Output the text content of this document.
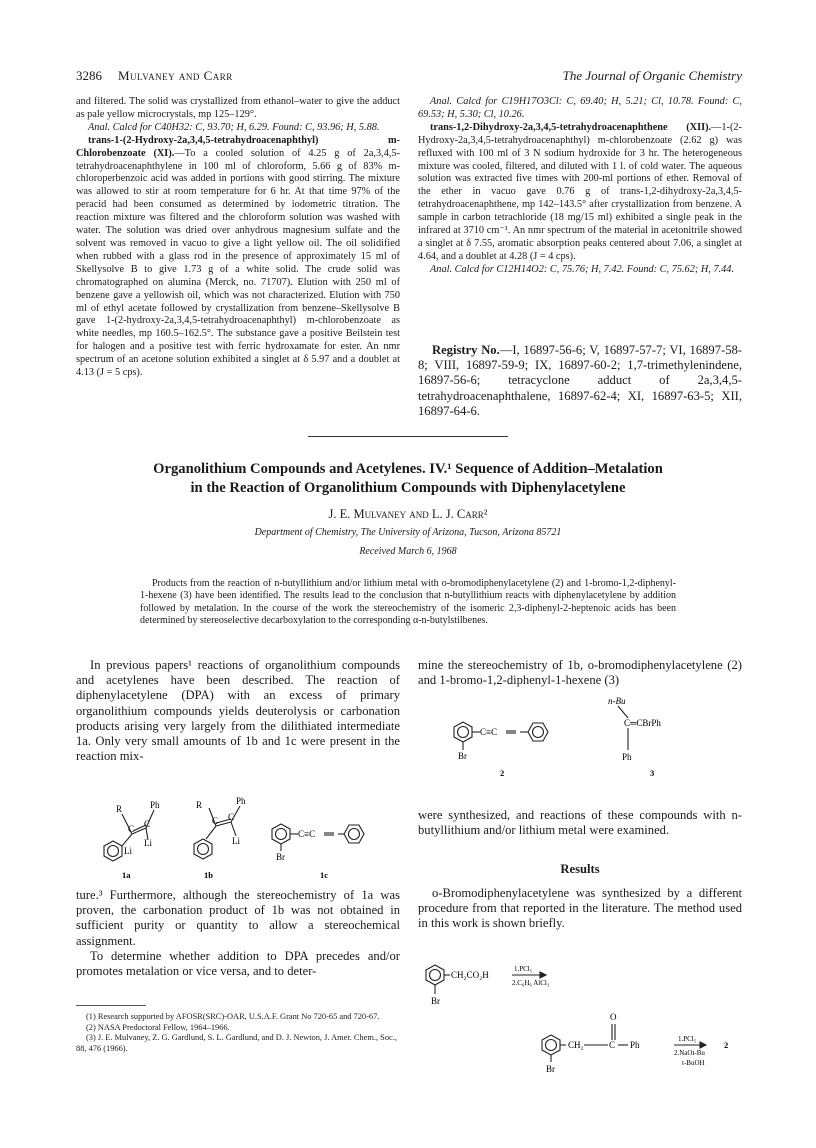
3286 Mulvaney and Carr	The Journal of Organic Chemistry

and filtered. The solid was crystallized from ethanol–water to give the adduct as pale yellow microcrystals, mp 125–129°.

Anal. Calcd for C40H32: C, 93.70; H, 6.29. Found: C, 93.96; H, 5.88.

trans-1-(2-Hydroxy-2a,3,4,5-tetrahydroacenaphthyl) m-Chlorobenzoate (XI).—To a cooled solution of 4.25 g of 2a,3,4,5-tetrahydroacenaphthylene in 100 ml of chloroform, 5.66 g of 83% m-chloroperbenzoic acid was added in portions with good stirring. The mixture was allowed to stir at room temperature for 6 hr. At that time 97% of the peracid had been consumed as determined by iodometric titration. The reaction mixture was filtered and the chloroform solution was washed with water. The solution was dried over anhydrous magnesium sulfate and the solvent was removed in vacuo to give a light yellow oil. The oil solidified when rubbed with a glass rod in the presence of approximately 15 ml of Skellysolve B to give 1.73 g of a white solid. The crude solid was chromatographed on alumina (Merck, no. 71707). Elution with 250 ml of benzene gave a yellowish oil, which was not characterized. Elution with 750 ml of ethyl acetate followed by crystallization from benzene–Skellysolve B gave 1-(2-hydroxy-2a,3,4,5-tetrahydroacenaphthyl) m-chlorobenzoate as white needles, mp 160.5–162.5°. The substance gave a positive Beilstein test for halogen and a positive test with ferric hydroxamate for ester. An nmr spectrum of an acetone solution exhibited a singlet at δ 5.97 and a doublet at 4.13 (J = 5 cps).

Anal. Calcd for C19H17O3Cl: C, 69.40; H, 5.21; Cl, 10.78. Found: C, 69.53; H, 5.30; Cl, 10.26.

trans-1,2-Dihydroxy-2a,3,4,5-tetrahydroacenaphthene (XII).—1-(2-Hydroxy-2a,3,4,5-tetrahydroacenaphthyl) m-chlorobenzoate (2.62 g) was refluxed with 100 ml of 3 N sodium hydroxide for 3 hr. The heterogeneous mixture was cooled, filtered, and diluted with 1 l. of cold water. The aqueous solution was extracted five times with 200-ml portions of ether. Removal of the ether in vacuo gave 0.76 g of trans-1,2-dihydroxy-2a,3,4,5-tetrahydroacenaphthene, mp 142–143.5° after crystallization from benzene. A sample in carbon tetrachloride (18 mg/15 ml) exhibited a single peak in the infrared at 3710 cm⁻¹. An nmr spectrum of the material in acetonitrile showed a singlet at δ 7.55, aromatic absorption peaks centered about 7.06, a singlet at 4.64, and a doublet at 4.28 (J = 4 cps).

Anal. Calcd for C12H14O2: C, 75.76; H, 7.42. Found: C, 75.62; H, 7.44.

Registry No.—I, 16897-56-6; V, 16897-57-7; VI, 16897-58-8; VIII, 16897-59-9; IX, 16897-60-2; 1,7-trimethylenindene, 16897-56-6; tetracyclone adduct of 2a,3,4,5-tetrahydroacenaphthalene, 16897-62-4; XI, 16897-63-5; XII, 16897-64-6.

Organolithium Compounds and Acetylenes. IV.¹ Sequence of Addition–Metalation
in the Reaction of Organolithium Compounds with Diphenylacetylene
J. E. Mulvaney and L. J. Carr²
Department of Chemistry, The University of Arizona, Tucson, Arizona 85721
Received March 6, 1968

Products from the reaction of n-butyllithium and/or lithium metal with o-bromodiphenylacetylene (2) and 1-bromo-1,2-diphenyl-1-hexene (3) have been identified. The results lead to the conclusion that n-butyllithium reacts with diphenylacetylene by addition followed by metalation. In the course of the work the stereochemistry of the isomeric 2,3-diphenyl-2-heptenoic acids has been determined by stereoselective decarboxylation to the corresponding α-n-butylstilbenes.

In previous papers¹ reactions of organolithium compounds and acetylenes have been described. The reaction of diphenylacetylene (DPA) with an excess of primary organolithium compounds yields deuterolysis or carbonation products arising very largely from the dilithiated intermediate 1a. Only very small amounts of 1b and 1c were present in the reaction mix-

R	Ph
C C
Li
Li
R	Ph
C C
Li
C≡C
Br
1a	1b	1c

ture.³ Furthermore, although the stereochemistry of 1a was proven, the carbonation product of 1b was not obtained in sufficient purity or quantity to allow a stereochemical assignment.

To determine whether addition to DPA precedes and/or promotes metalation or vice versa, and to deter-

(1) Research supported by AFOSR(SRC)-OAR, U.S.A.F. Grant No 720-65 and 720-67.

(2) NASA Predoctoral Fellow, 1964–1966.

(3) J. E. Mulvaney, Z. G. Gardlund, S. L. Gardlund, and D. J. Newton, J. Amer. Chem., Soc., 88, 476 (1966).

mine the stereochemistry of 1b, o-bromodiphenylacetylene (2) and 1-bromo-1,2-diphenyl-1-hexene (3)

C≡C
Br
n-Bu
C═CBrPh
Ph
2	3

were synthesized, and reactions of these compounds with n-butyllithium and/or lithium metal were examined.

Results

o-Bromodiphenylacetylene was synthesized by a different procedure from that reported in the literature. The method used in this work is shown briefly.

CH₂CO₂H
Br
1.PCl₅
2.C₆H₆ AlCl₃
O
CH₂	C Ph
Br
1.PCl₅
2.NaOt-Bu
t-BuOH
2
